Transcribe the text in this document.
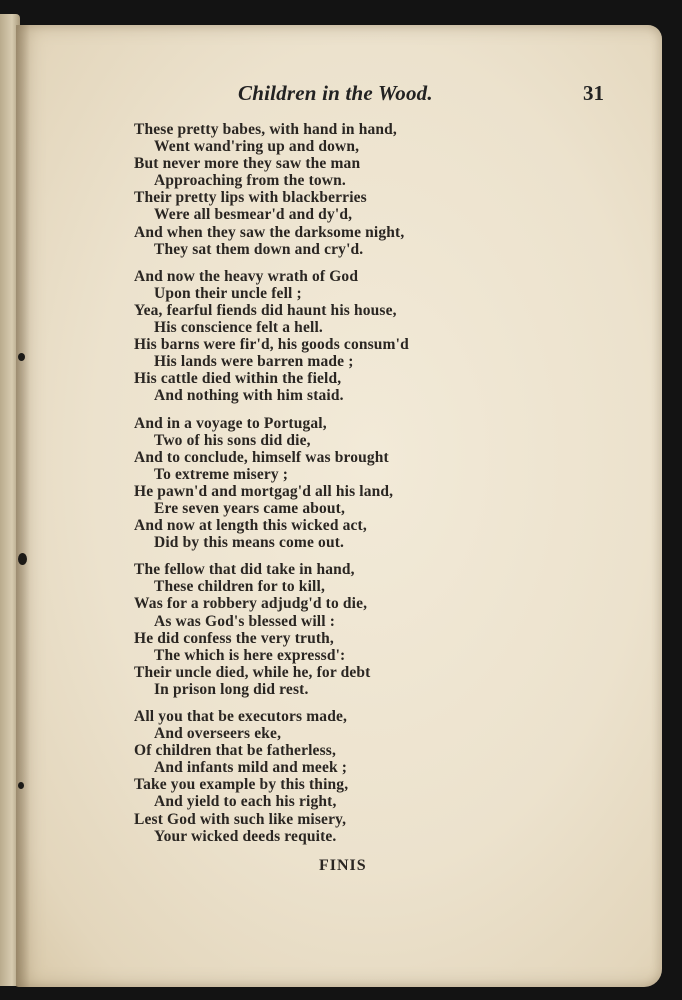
Children in the Wood.	31
These pretty babes, with hand in hand,
Went wand'ring up and down,
But never more they saw the man
Approaching from the town.
Their pretty lips with blackberries
Were all besmear'd and dy'd,
And when they saw the darksome night,
They sat them down and cry'd.
And now the heavy wrath of God
Upon their uncle fell ;
Yea, fearful fiends did haunt his house,
His conscience felt a hell.
His barns were fir'd, his goods consum'd
His lands were barren made ;
His cattle died within the field,
And nothing with him staid.
And in a voyage to Portugal,
Two of his sons did die,
And to conclude, himself was brought
To extreme misery ;
He pawn'd and mortgag'd all his land,
Ere seven years came about,
And now at length this wicked act,
Did by this means come out.
The fellow that did take in hand,
These children for to kill,
Was for a robbery adjudg'd to die,
As was God's blessed will :
He did confess the very truth,
The which is here expressd':
Their uncle died, while he, for debt
In prison long did rest.
All you that be executors made,
And overseers eke,
Of children that be fatherless,
And infants mild and meek ;
Take you example by this thing,
And yield to each his right,
Lest God with such like misery,
Your wicked deeds requite.
FINIS
